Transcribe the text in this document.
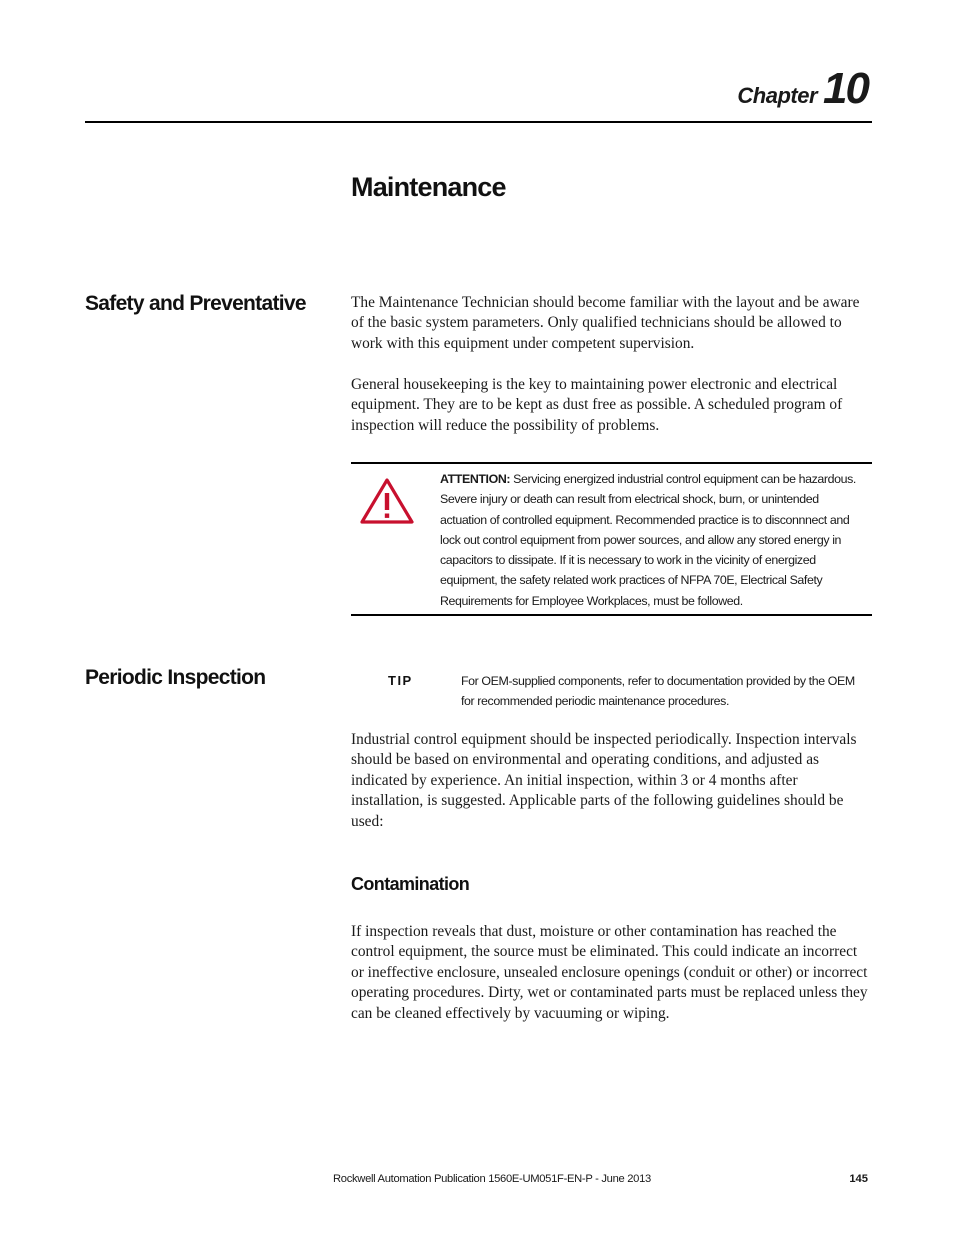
Chapter 10
Maintenance
Safety and Preventative	The Maintenance Technician should become familiar with the layout and be aware of the basic system parameters. Only qualified technicians should be allowed to work with this equipment under competent supervision.

General housekeeping is the key to maintaining power electronic and electrical equipment. They are to be kept as dust free as possible. A scheduled program of inspection will reduce the possibility of problems.

ATTENTION: Servicing energized industrial control equipment can be hazardous. Severe injury or death can result from electrical shock, burn, or unintended actuation of controlled equipment. Recommended practice is to disconnnect and lock out control equipment from power sources, and allow any stored energy in capacitors to dissipate. If it is necessary to work in the vicinity of energized equipment, the safety related work practices of NFPA 70E, Electrical Safety Requirements for Employee Workplaces, must be followed.

Periodic Inspection	TIP	For OEM-supplied components, refer to documentation provided by the OEM for recommended periodic maintenance procedures.

Industrial control equipment should be inspected periodically. Inspection intervals should be based on environmental and operating conditions, and adjusted as indicated by experience. An initial inspection, within 3 or 4 months after installation, is suggested. Applicable parts of the following guidelines should be used:

Contamination

If inspection reveals that dust, moisture or other contamination has reached the control equipment, the source must be eliminated. This could indicate an incorrect or ineffective enclosure, unsealed enclosure openings (conduit or other) or incorrect operating procedures. Dirty, wet or contaminated parts must be replaced unless they can be cleaned effectively by vacuuming or wiping.

Rockwell Automation Publication 1560E-UM051F-EN-P - June 2013	145
